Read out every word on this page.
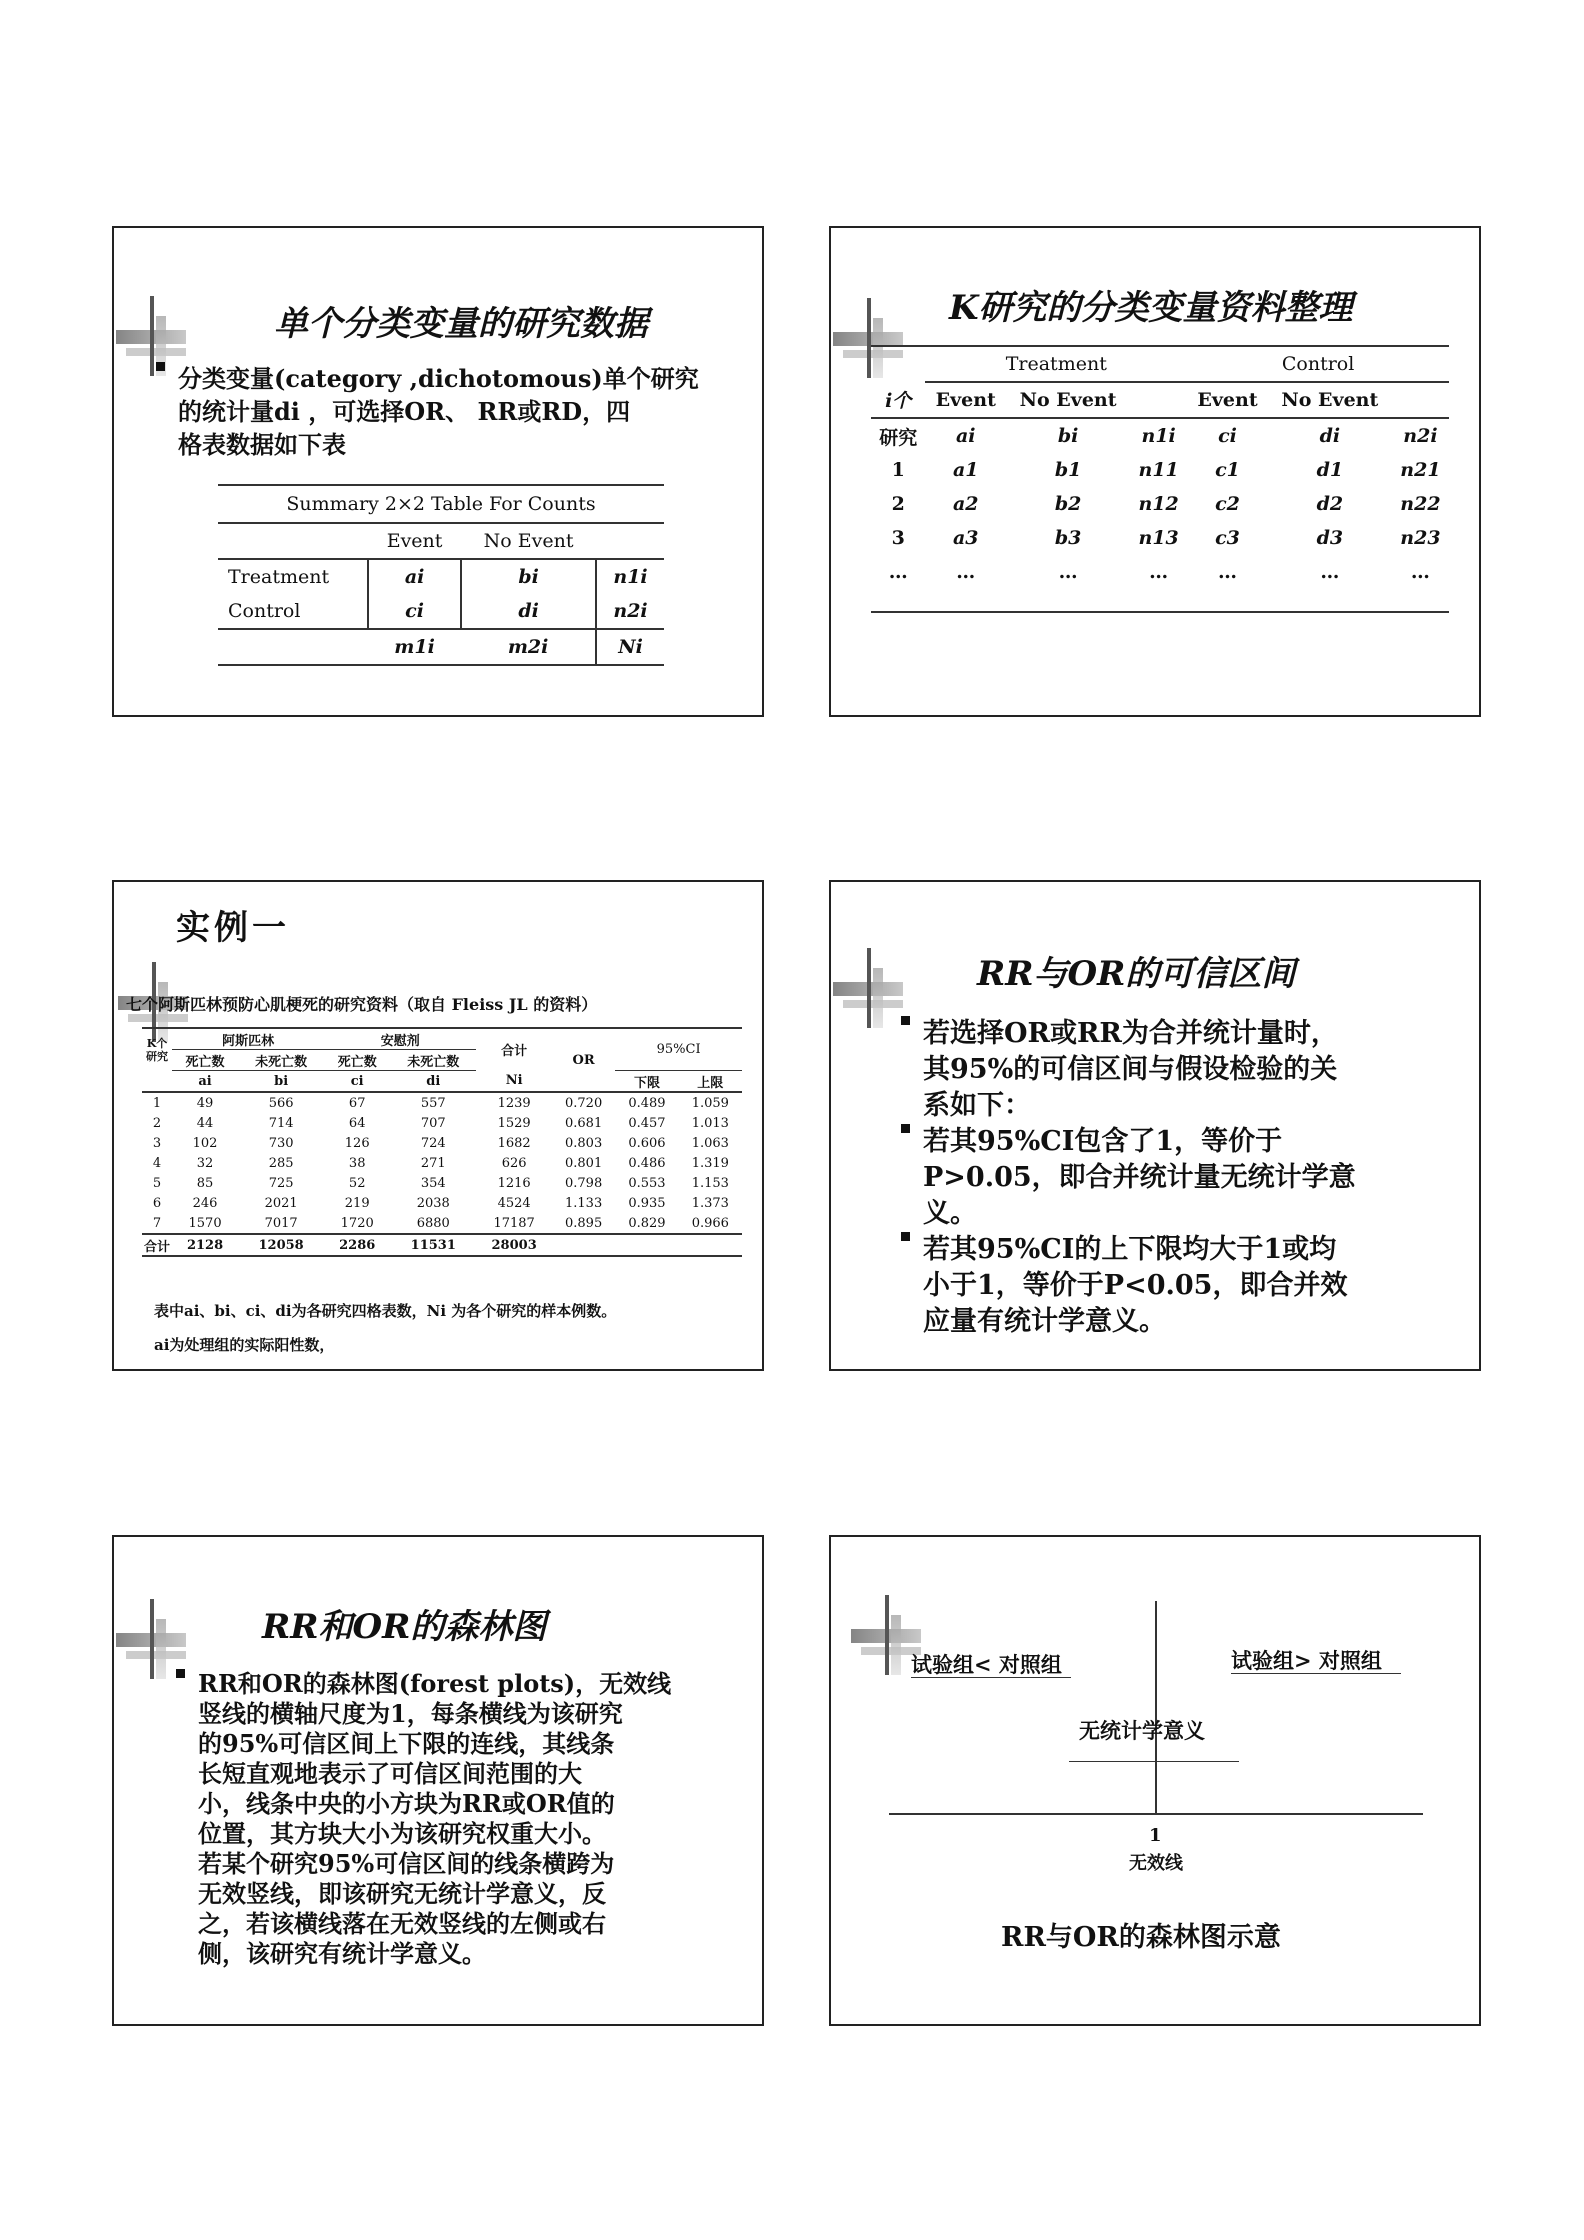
单个分类变量的研究数据
分类变量(category ,dichotomous)单个研究
的统计量di ，可选择OR、 RR或RD，四
格表数据如下表
Summary 2×2 Table For Counts			
	Event	No Event	
Treatment	ai	bi	n1i
Control	ci	di	n2i
	m1i	m2i	Ni
K研究的分类变量资料整理
	Treatment			Control		
i个	Event	No Event		Event	No Event	
研究	ai	bi	n1i	ci	di	n2i
1	a1	b1	n11	c1	d1	n21
2	a2	b2	n12	c2	d2	n22
3	a3	b3	n13	c3	d3	n23
…	…	…	…	…	…	…

实例一
七个阿斯匹林预防心肌梗死的研究资料（取自 Fleiss JL 的资料）
K个研究	阿斯匹林		安慰剂		合计	OR	95%CI	
	死亡数	未死亡数	死亡数	未死亡数				
	ai	bi	ci	di	Ni		下限	上限
1	49	566	67	557	1239	0.720	0.489	1.059
2	44	714	64	707	1529	0.681	0.457	1.013
3	102	730	126	724	1682	0.803	0.606	1.063
4	32	285	38	271	626	0.801	0.486	1.319
5	85	725	52	354	1216	0.798	0.553	1.153
6	246	2021	219	2038	4524	1.133	0.935	1.373
7	1570	7017	1720	6880	17187	0.895	0.829	0.966
合计	2128	12058	2286	11531	28003			
表中ai、bi、ci、di为各研究四格表数，Ni 为各个研究的样本例数。
ai为处理组的实际阳性数，
RR与OR的可信区间
若选择OR或RR为合并统计量时，
其95%的可信区间与假设检验的关
系如下：
若其95%CI包含了1，等价于
P>0.05，即合并统计量无统计学意
义。
若其95%CI的上下限均大于1或均
小于1，等价于P<0.05，即合并效
应量有统计学意义。
RR和OR的森林图
RR和OR的森林图(forest plots)，无效线
竖线的横轴尺度为1，每条横线为该研究
的95%可信区间上下限的连线，其线条
长短直观地表示了可信区间范围的大
小，线条中央的小方块为RR或OR值的
位置，其方块大小为该研究权重大小。
若某个研究95%可信区间的线条横跨为
无效竖线，即该研究无统计学意义，反
之，若该横线落在无效竖线的左侧或右
侧，该研究有统计学意义。
试验组< 对照组	试验组> 对照组
无统计学意义
1
无效线
RR与OR的森林图示意
